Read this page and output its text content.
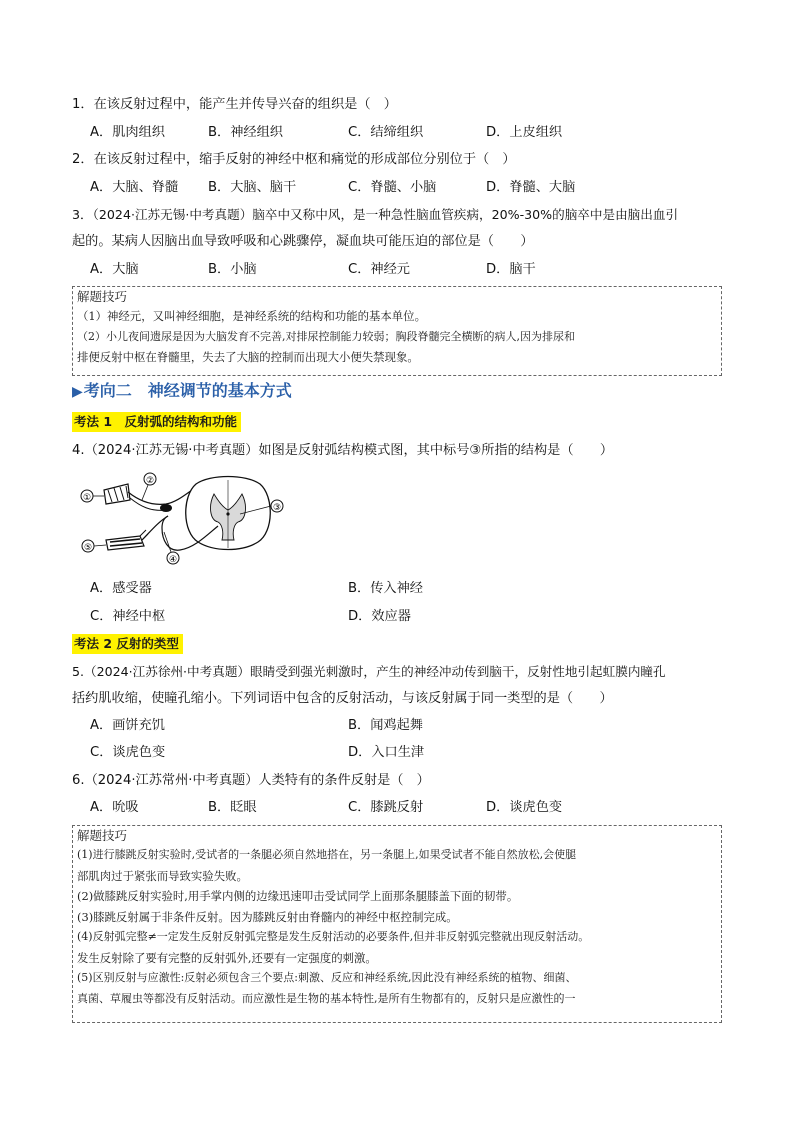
1．在该反射过程中，能产生并传导兴奋的组织是（　）
A．肌肉组织	B．神经组织	C．结缔组织	D．上皮组织
2．在该反射过程中，缩手反射的神经中枢和痛觉的形成部位分别位于（　）
A．大脑、脊髓 B．大脑、脑干	C．脊髓、小脑	D．脊髓、大脑
3．（2024·江苏无锡·中考真题）脑卒中又称中风，是一种急性脑血管疾病，20%-30%的脑卒中是由脑出血引
起的。某病人因脑出血导致呼吸和心跳骤停，凝血块可能压迫的部位是（　　）
A．大脑	B．小脑	C．神经元	D．脑干
解题技巧
（1）神经元，又叫神经细胞，是神经系统的结构和功能的基本单位。
（2）小儿夜间遗尿是因为大脑发育不完善,对排尿控制能力较弱；胸段脊髓完全横断的病人,因为排尿和
排便反射中枢在脊髓里，失去了大脑的控制而出现大小便失禁现象。
▶考向二　神经调节的基本方式
考法 1　反射弧的结构和功能
4.（2024·江苏无锡·中考真题）如图是反射弧结构模式图，其中标号③所指的结构是（　　）
①
②
③
④
⑤
A．感受器	B．传入神经
C．神经中枢	D．效应器
考法 2 反射的类型
5.（2024·江苏徐州·中考真题）眼睛受到强光刺激时，产生的神经冲动传到脑干，反射性地引起虹膜内瞳孔
括约肌收缩，使瞳孔缩小。下列词语中包含的反射活动，与该反射属于同一类型的是（　　）
A．画饼充饥	B．闻鸡起舞
C．谈虎色变	D．入口生津
6.（2024·江苏常州·中考真题）人类特有的条件反射是（　）
A．吮吸	B．眨眼	C．膝跳反射	D．谈虎色变
解题技巧
(1)进行膝跳反射实验时,受试者的一条腿必须自然地搭在，另一条腿上,如果受试者不能自然放松,会使腿
部肌肉过于紧张而导致实验失败。
(2)做膝跳反射实验时,用手掌内侧的边缘迅速叩击受试同学上面那条腿膝盖下面的韧带。
(3)膝跳反射属于非条件反射。因为膝跳反射由脊髓内的神经中枢控制完成。
(4)反射弧完整≠一定发生反射反射弧完整是发生反射活动的必要条件,但并非反射弧完整就出现反射活动。
发生反射除了要有完整的反射弧外,还要有一定强度的刺激。
(5)区别反射与应激性:反射必须包含三个要点:刺激、反应和神经系统,因此没有神经系统的植物、细菌、
真菌、草履虫等都没有反射活动。而应激性是生物的基本特性,是所有生物都有的，反射只是应激性的一
